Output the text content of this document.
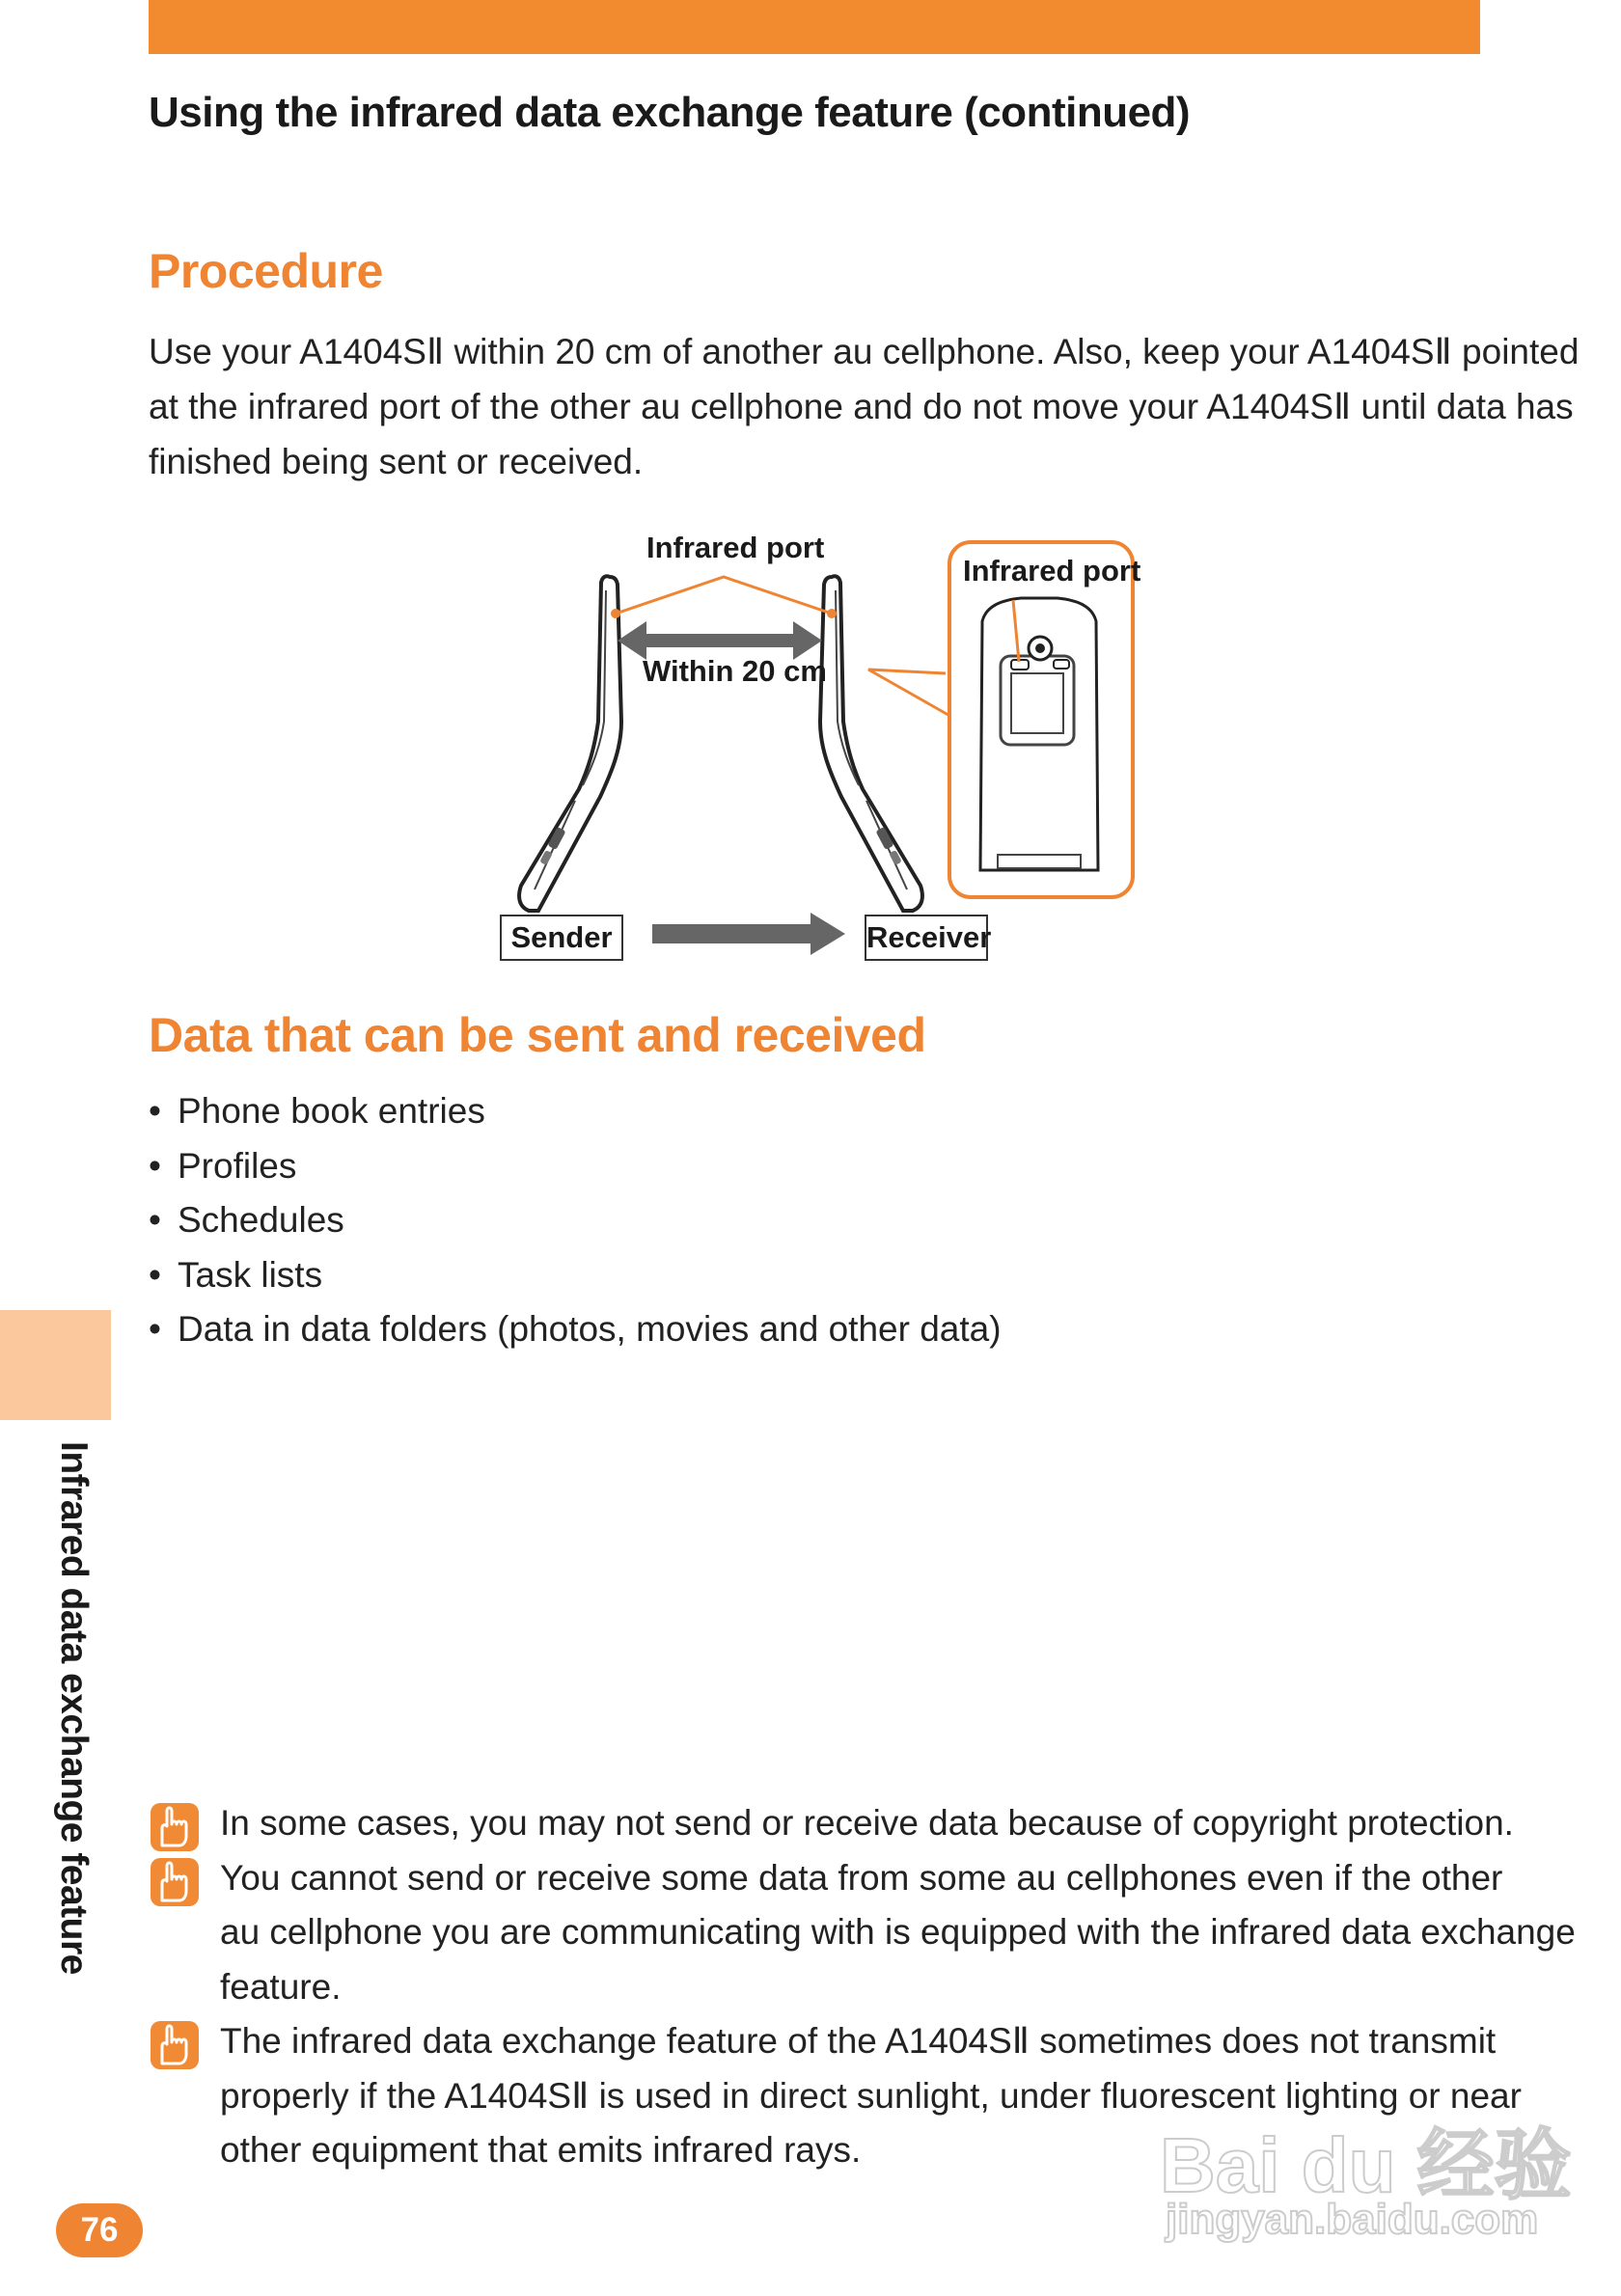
Using the infrared data exchange feature (continued)
Procedure

Use your A1404SⅡ within 20 cm of another au cellphone. Also, keep your A1404SⅡ pointed
at the infrared port of the other au cellphone and do not move your A1404SⅡ until data has
finished being sent or received.

Infrared port
Within 20 cm
Infrared port
Sender	Receiver
Data that can be sent and received
• Phone book entries
• Profiles
• Schedules
• Task lists
• Data in data folders (photos, movies and other data)
Infrared data exchange feature	In some cases, you may not send or receive data because of copyright protection.
You cannot send or receive some data from some au cellphones even if the other
au cellphone you are communicating with is equipped with the infrared data exchange
feature.
The infrared data exchange feature of the A1404SⅡ sometimes does not transmit
properly if the A1404SⅡ is used in direct sunlight, under fluorescent lighting or near
other equipment that emits infrared rays.
76
Bai du 经验
jingyan.baidu.com
